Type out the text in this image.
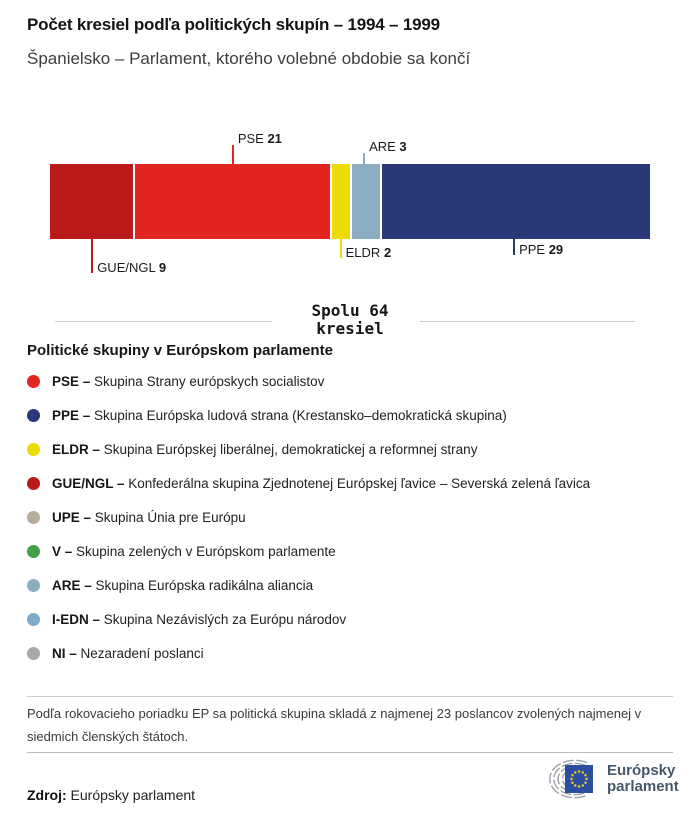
Počet kresiel podľa politických skupín – 1994 – 1999
Španielsko – Parlament, ktorého volebné obdobie sa končí
GUE/NGL 9
PSE 21
ELDR 2
ARE 3
PPE 29
Spolu 64
kresiel
Politické skupiny v Európskom parlamente
PSE – Skupina Strany európskych socialistov
PPE – Skupina Európska ludová strana (Krestansko–demokratická skupina)
ELDR – Skupina Európskej liberálnej, demokratickej a reformnej strany
GUE/NGL – Konfederálna skupina Zjednotenej Európskej ľavice – Severská zelená ľavica
UPE – Skupina Únia pre Európu
V – Skupina zelených v Európskom parlamente
ARE – Skupina Európska radikálna aliancia
I-EDN – Skupina Nezávislých za Európu národov
NI – Nezaradení poslanci
Podľa rokovacieho poriadku EP sa politická skupina skladá z najmenej 23 poslancov zvolených najmenej v siedmich členských štátoch.
Zdroj: Európsky parlament
Európsky
parlament
